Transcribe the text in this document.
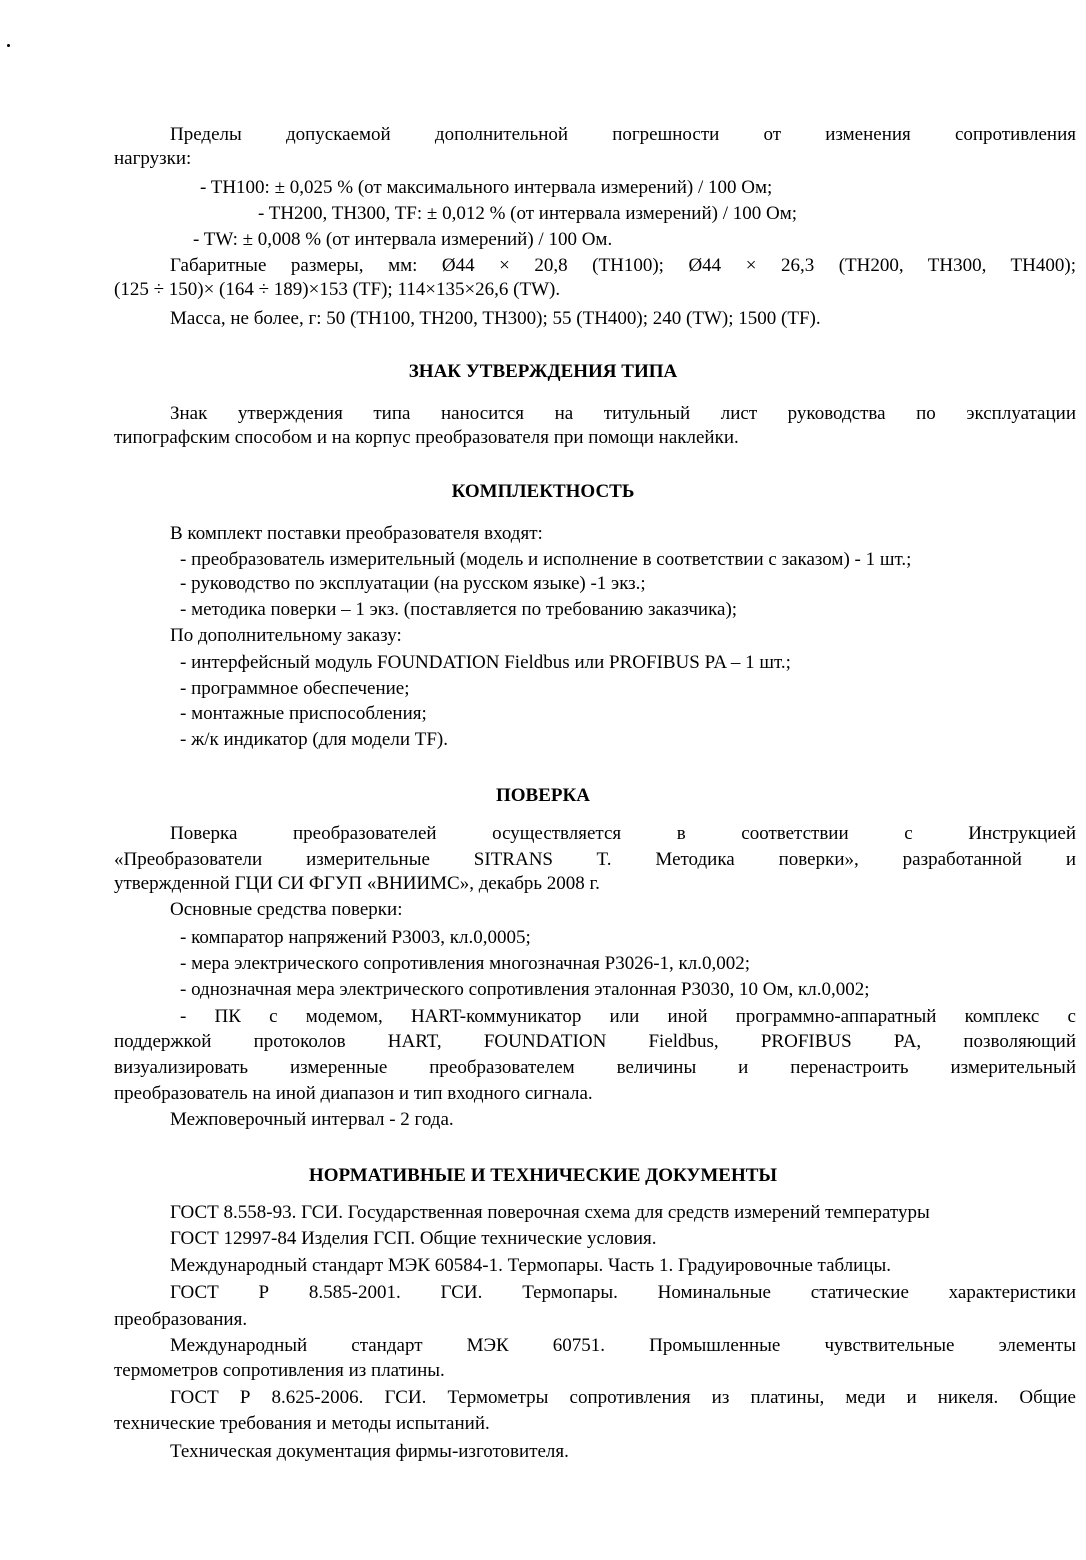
Пределы допускаемой дополнительной погрешности от изменения сопротивления
нагрузки:
- TH100: ± 0,025 % (от максимального интервала измерений) / 100 Ом;
- TH200, TH300, TF: ± 0,012 % (от интервала измерений) / 100 Ом;
- TW: ± 0,008 % (от интервала измерений) / 100 Ом.
Габаритные размеры, мм: Ø44 × 20,8 (TH100); Ø44 × 26,3 (TH200, TH300, TH400);
(125 ÷ 150)× (164 ÷ 189)×153 (TF); 114×135×26,6 (TW).
Масса, не более, г: 50 (TH100, TH200, TH300); 55 (TH400); 240 (TW); 1500 (TF).
ЗНАК УТВЕРЖДЕНИЯ ТИПА
Знак утверждения типа наносится на титульный лист руководства по эксплуатации
типографским способом и на корпус преобразователя при помощи наклейки.
КОМПЛЕКТНОСТЬ
В комплект поставки преобразователя входят:
- преобразователь измерительный (модель и исполнение в соответствии с заказом) - 1 шт.;
- руководство по эксплуатации (на русском языке) -1 экз.;
- методика поверки – 1 экз. (поставляется по требованию заказчика);
По дополнительному заказу:
- интерфейсный модуль FOUNDATION Fieldbus или PROFIBUS PA – 1 шт.;
- программное обеспечение;
- монтажные приспособления;
- ж/к индикатор (для модели TF).
ПОВЕРКА
Поверка преобразователей осуществляется в соответствии с Инструкцией
«Преобразователи измерительные SITRANS T. Методика поверки», разработанной и
утвержденной ГЦИ СИ ФГУП «ВНИИМС», декабрь 2008 г.
Основные средства поверки:
- компаратор напряжений Р3003, кл.0,0005;
- мера электрического сопротивления многозначная Р3026-1, кл.0,002;
- однозначная мера электрического сопротивления эталонная Р3030, 10 Ом, кл.0,002;
- ПК с модемом, HART-коммуникатор или иной программно-аппаратный комплекс с
поддержкой протоколов HART, FOUNDATION Fieldbus, PROFIBUS PA, позволяющий
визуализировать измеренные преобразователем величины и перенастроить измерительный
преобразователь на иной диапазон и тип входного сигнала.
Межповерочный интервал - 2 года.
НОРМАТИВНЫЕ И ТЕХНИЧЕСКИЕ ДОКУМЕНТЫ
ГОСТ 8.558-93. ГСИ. Государственная поверочная схема для средств измерений температуры
ГОСТ 12997-84 Изделия ГСП. Общие технические условия.
Международный стандарт МЭК 60584-1. Термопары. Часть 1. Градуировочные таблицы.
ГОСТ Р 8.585-2001. ГСИ. Термопары. Номинальные статические характеристики
преобразования.
Международный стандарт МЭК 60751. Промышленные чувствительные элементы
термометров сопротивления из платины.
ГОСТ Р 8.625-2006. ГСИ. Термометры сопротивления из платины, меди и никеля. Общие
технические требования и методы испытаний.
Техническая документация фирмы-изготовителя.
